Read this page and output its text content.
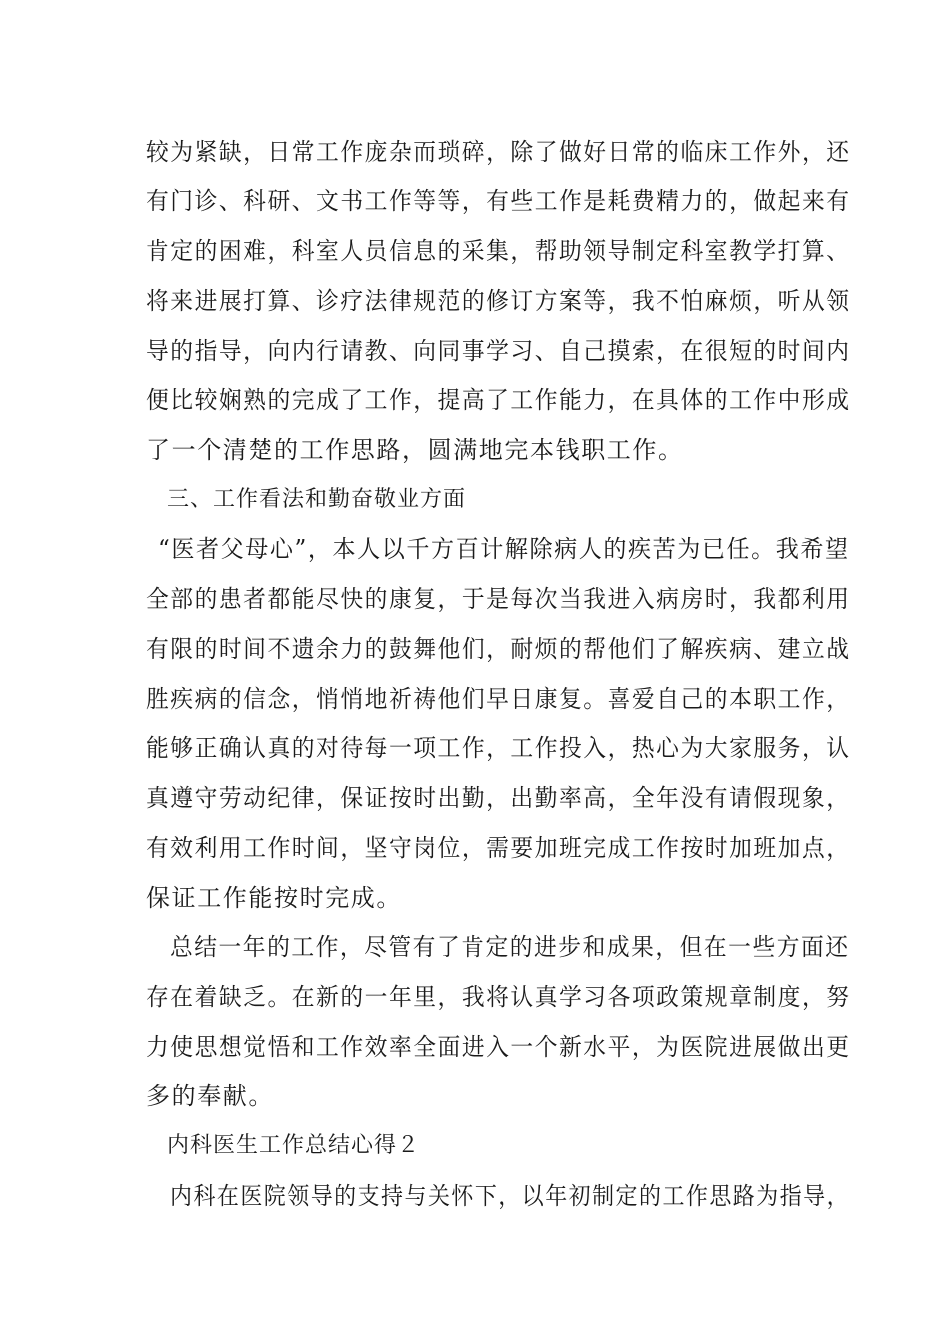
较为紧缺，日常工作庞杂而琐碎，除了做好日常的临床工作外，还
有门诊、科研、文书工作等等，有些工作是耗费精力的，做起来有
肯定的困难，科室人员信息的采集，帮助领导制定科室教学打算、
将来进展打算、诊疗法律规范的修订方案等，我不怕麻烦，听从领
导的指导，向内行请教、向同事学习、自己摸索，在很短的时间内
便比较娴熟的完成了工作，提高了工作能力，在具体的工作中形成
了一个清楚的工作思路，圆满地完本钱职工作。
三、工作看法和勤奋敬业方面
“医者父母心”，本人以千方百计解除病人的疾苦为已任。我希望
全部的患者都能尽快的康复，于是每次当我进入病房时，我都利用
有限的时间不遗余力的鼓舞他们，耐烦的帮他们了解疾病、建立战
胜疾病的信念，悄悄地祈祷他们早日康复。喜爱自己的本职工作，
能够正确认真的对待每一项工作，工作投入，热心为大家服务，认
真遵守劳动纪律，保证按时出勤，出勤率高，全年没有请假现象，
有效利用工作时间，坚守岗位，需要加班完成工作按时加班加点，
保证工作能按时完成。
总结一年的工作，尽管有了肯定的进步和成果，但在一些方面还
存在着缺乏。在新的一年里，我将认真学习各项政策规章制度，努
力使思想觉悟和工作效率全面进入一个新水平，为医院进展做出更
多的奉献。
内科医生工作总结心得２
内科在医院领导的支持与关怀下，以年初制定的工作思路为指导，
